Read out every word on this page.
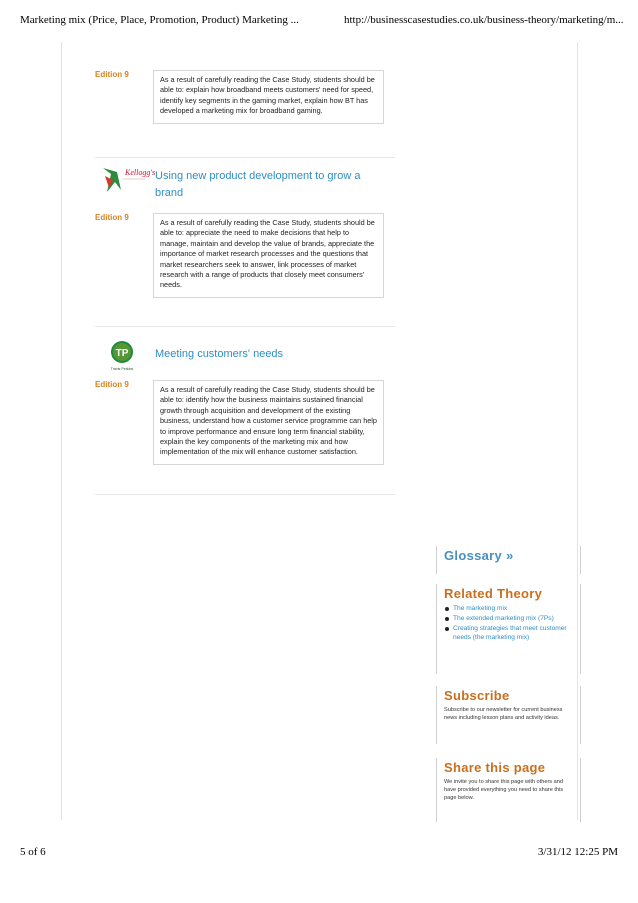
Marketing mix (Price, Place, Promotion, Product) Marketing ...	http://businesscasestudies.co.uk/business-theory/marketing/m...
Edition 9
As a result of carefully reading the Case Study, students should be able to: explain how broadband meets customers' need for speed, identify key segments in the gaming market, explain how BT has developed a marketing mix for broadband gaming.
Kellogg's Using new product development to grow a brand
Edition 9
As a result of carefully reading the Case Study, students should be able to: appreciate the need to make decisions that help to manage, maintain and develop the value of brands, appreciate the importance of market research processes and the questions that market researchers seek to answer, link processes of market research with a range of products that closely meet consumers' needs.
TP
Travis Perkins
Meeting customers' needs
Edition 9
As a result of carefully reading the Case Study, students should be able to: identify how the business maintains sustained financial growth through acquisition and development of the existing business, understand how a customer service programme can help to improve performance and ensure long term financial stability, explain the key components of the marketing mix and how implementation of the mix will enhance customer satisfaction.
Glossary »
Related Theory
The marketing mix
The extended marketing mix (7Ps)
Creating strategies that meet customer needs (the marketing mix)
Subscribe
Subscribe to our newsletter for current business news including lesson plans and activity ideas.
Share this page
We invite you to share this page with others and have provided everything you need to share this page below.
5 of 6	3/31/12 12:25 PM
